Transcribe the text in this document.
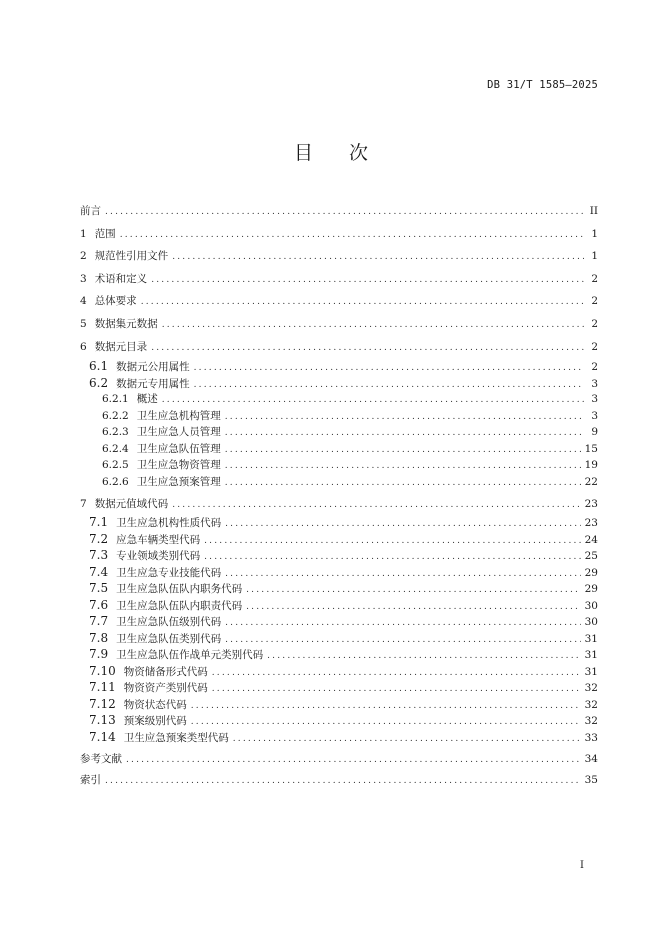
DB 31/T 1585—2025
目 次
前言 .....	II
1 范围 .....	1
2 规范性引用文件 .....	1
3 术语和定义 .....	2
4 总体要求 .....	2
5 数据集元数据 .....	2
6 数据元目录 .....	2
6.1 数据元公用属性 .....	2
6.2 数据元专用属性 .....	3
6.2.1 概述 .....	3
6.2.2 卫生应急机构管理 .....	3
6.2.3 卫生应急人员管理 .....	9
6.2.4 卫生应急队伍管理 .....	15
6.2.5 卫生应急物资管理 .....	19
6.2.6 卫生应急预案管理 .....	22
7 数据元值域代码 .....	23
7.1 卫生应急机构性质代码 .....	23
7.2 应急车辆类型代码 .....	24
7.3 专业领域类别代码 .....	25
7.4 卫生应急专业技能代码 .....	29
7.5 卫生应急队伍队内职务代码 .....	29
7.6 卫生应急队伍队内职责代码 .....	30
7.7 卫生应急队伍级别代码 .....	30
7.8 卫生应急队伍类别代码 .....	31
7.9 卫生应急队伍作战单元类别代码 .....	31
7.10 物资储备形式代码 .....	31
7.11 物资资产类别代码 .....	32
7.12 物资状态代码 .....	32
7.13 预案级别代码 .....	32
7.14 卫生应急预案类型代码 .....	33
参考文献 .....	34
索引 .....	35
I
